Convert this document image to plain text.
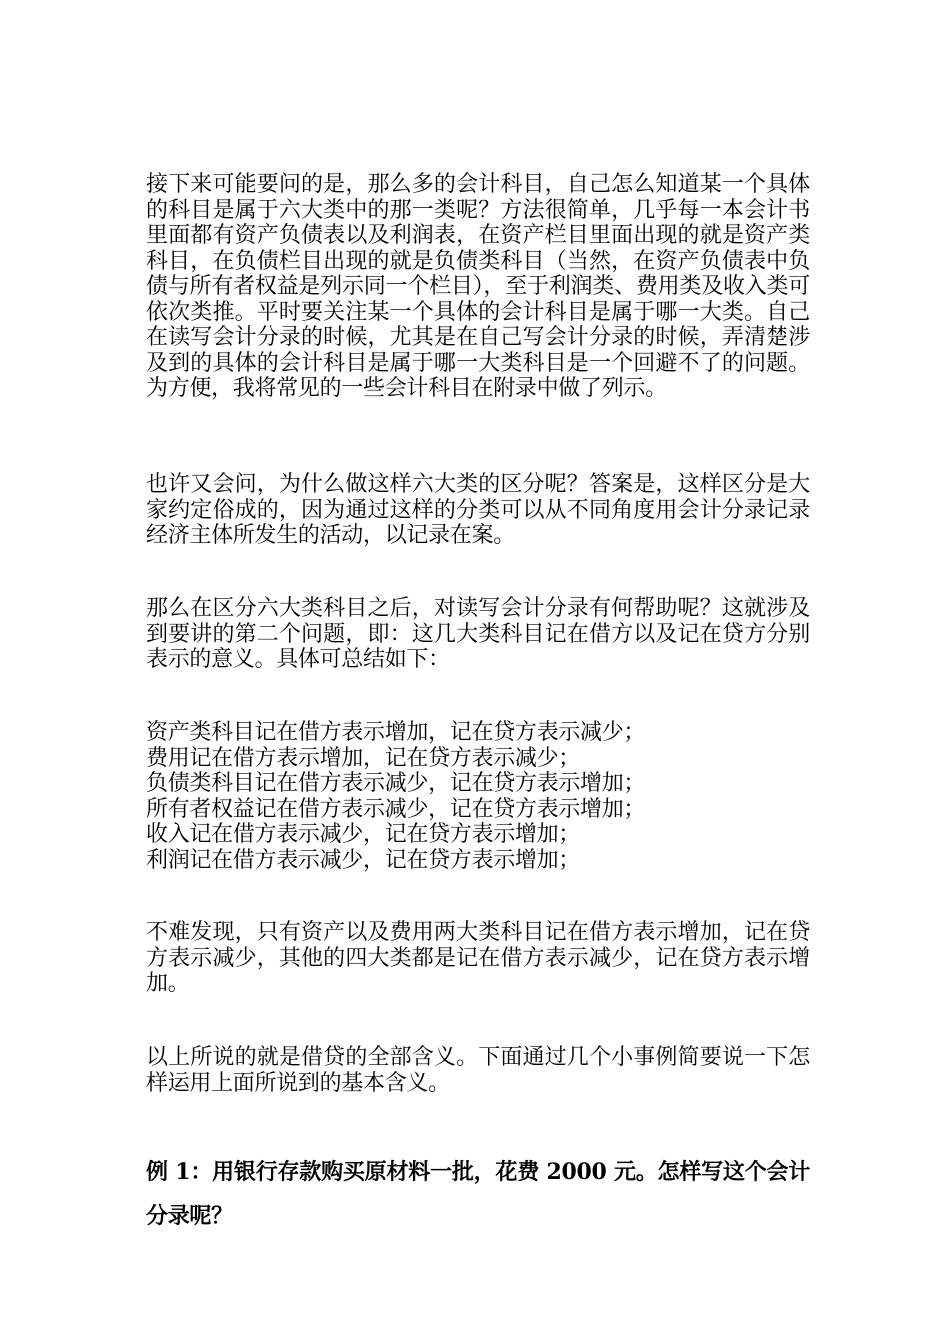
接下来可能要问的是，那么多的会计科目，自己怎么知道某一个具体的科目是属于六大类中的那一类呢？方法很简单，几乎每一本会计书里面都有资产负债表以及利润表，在资产栏目里面出现的就是资产类科目，在负债栏目出现的就是负债类科目（当然，在资产负债表中负债与所有者权益是列示同一个栏目），至于利润类、费用类及收入类可依次类推。平时要关注某一个具体的会计科目是属于哪一大类。自己在读写会计分录的时候，尤其是在自己写会计分录的时候，弄清楚涉及到的具体的会计科目是属于哪一大类科目是一个回避不了的问题。为方便，我将常见的一些会计科目在附录中做了列示。

也许又会问，为什么做这样六大类的区分呢？答案是，这样区分是大家约定俗成的，因为通过这样的分类可以从不同角度用会计分录记录经济主体所发生的活动，以记录在案。

那么在区分六大类科目之后，对读写会计分录有何帮助呢？这就涉及到要讲的第二个问题，即：这几大类科目记在借方以及记在贷方分别表示的意义。具体可总结如下：

资产类科目记在借方表示增加，记在贷方表示减少；
费用记在借方表示增加，记在贷方表示减少；
负债类科目记在借方表示减少，记在贷方表示增加；
所有者权益记在借方表示减少，记在贷方表示增加；
收入记在借方表示减少，记在贷方表示增加；
利润记在借方表示减少，记在贷方表示增加；

不难发现，只有资产以及费用两大类科目记在借方表示增加，记在贷方表示减少，其他的四大类都是记在借方表示减少，记在贷方表示增加。

以上所说的就是借贷的全部含义。下面通过几个小事例简要说一下怎样运用上面所说到的基本含义。

例 1：用银行存款购买原材料一批，花费 2000 元。怎样写这个会计分录呢？
